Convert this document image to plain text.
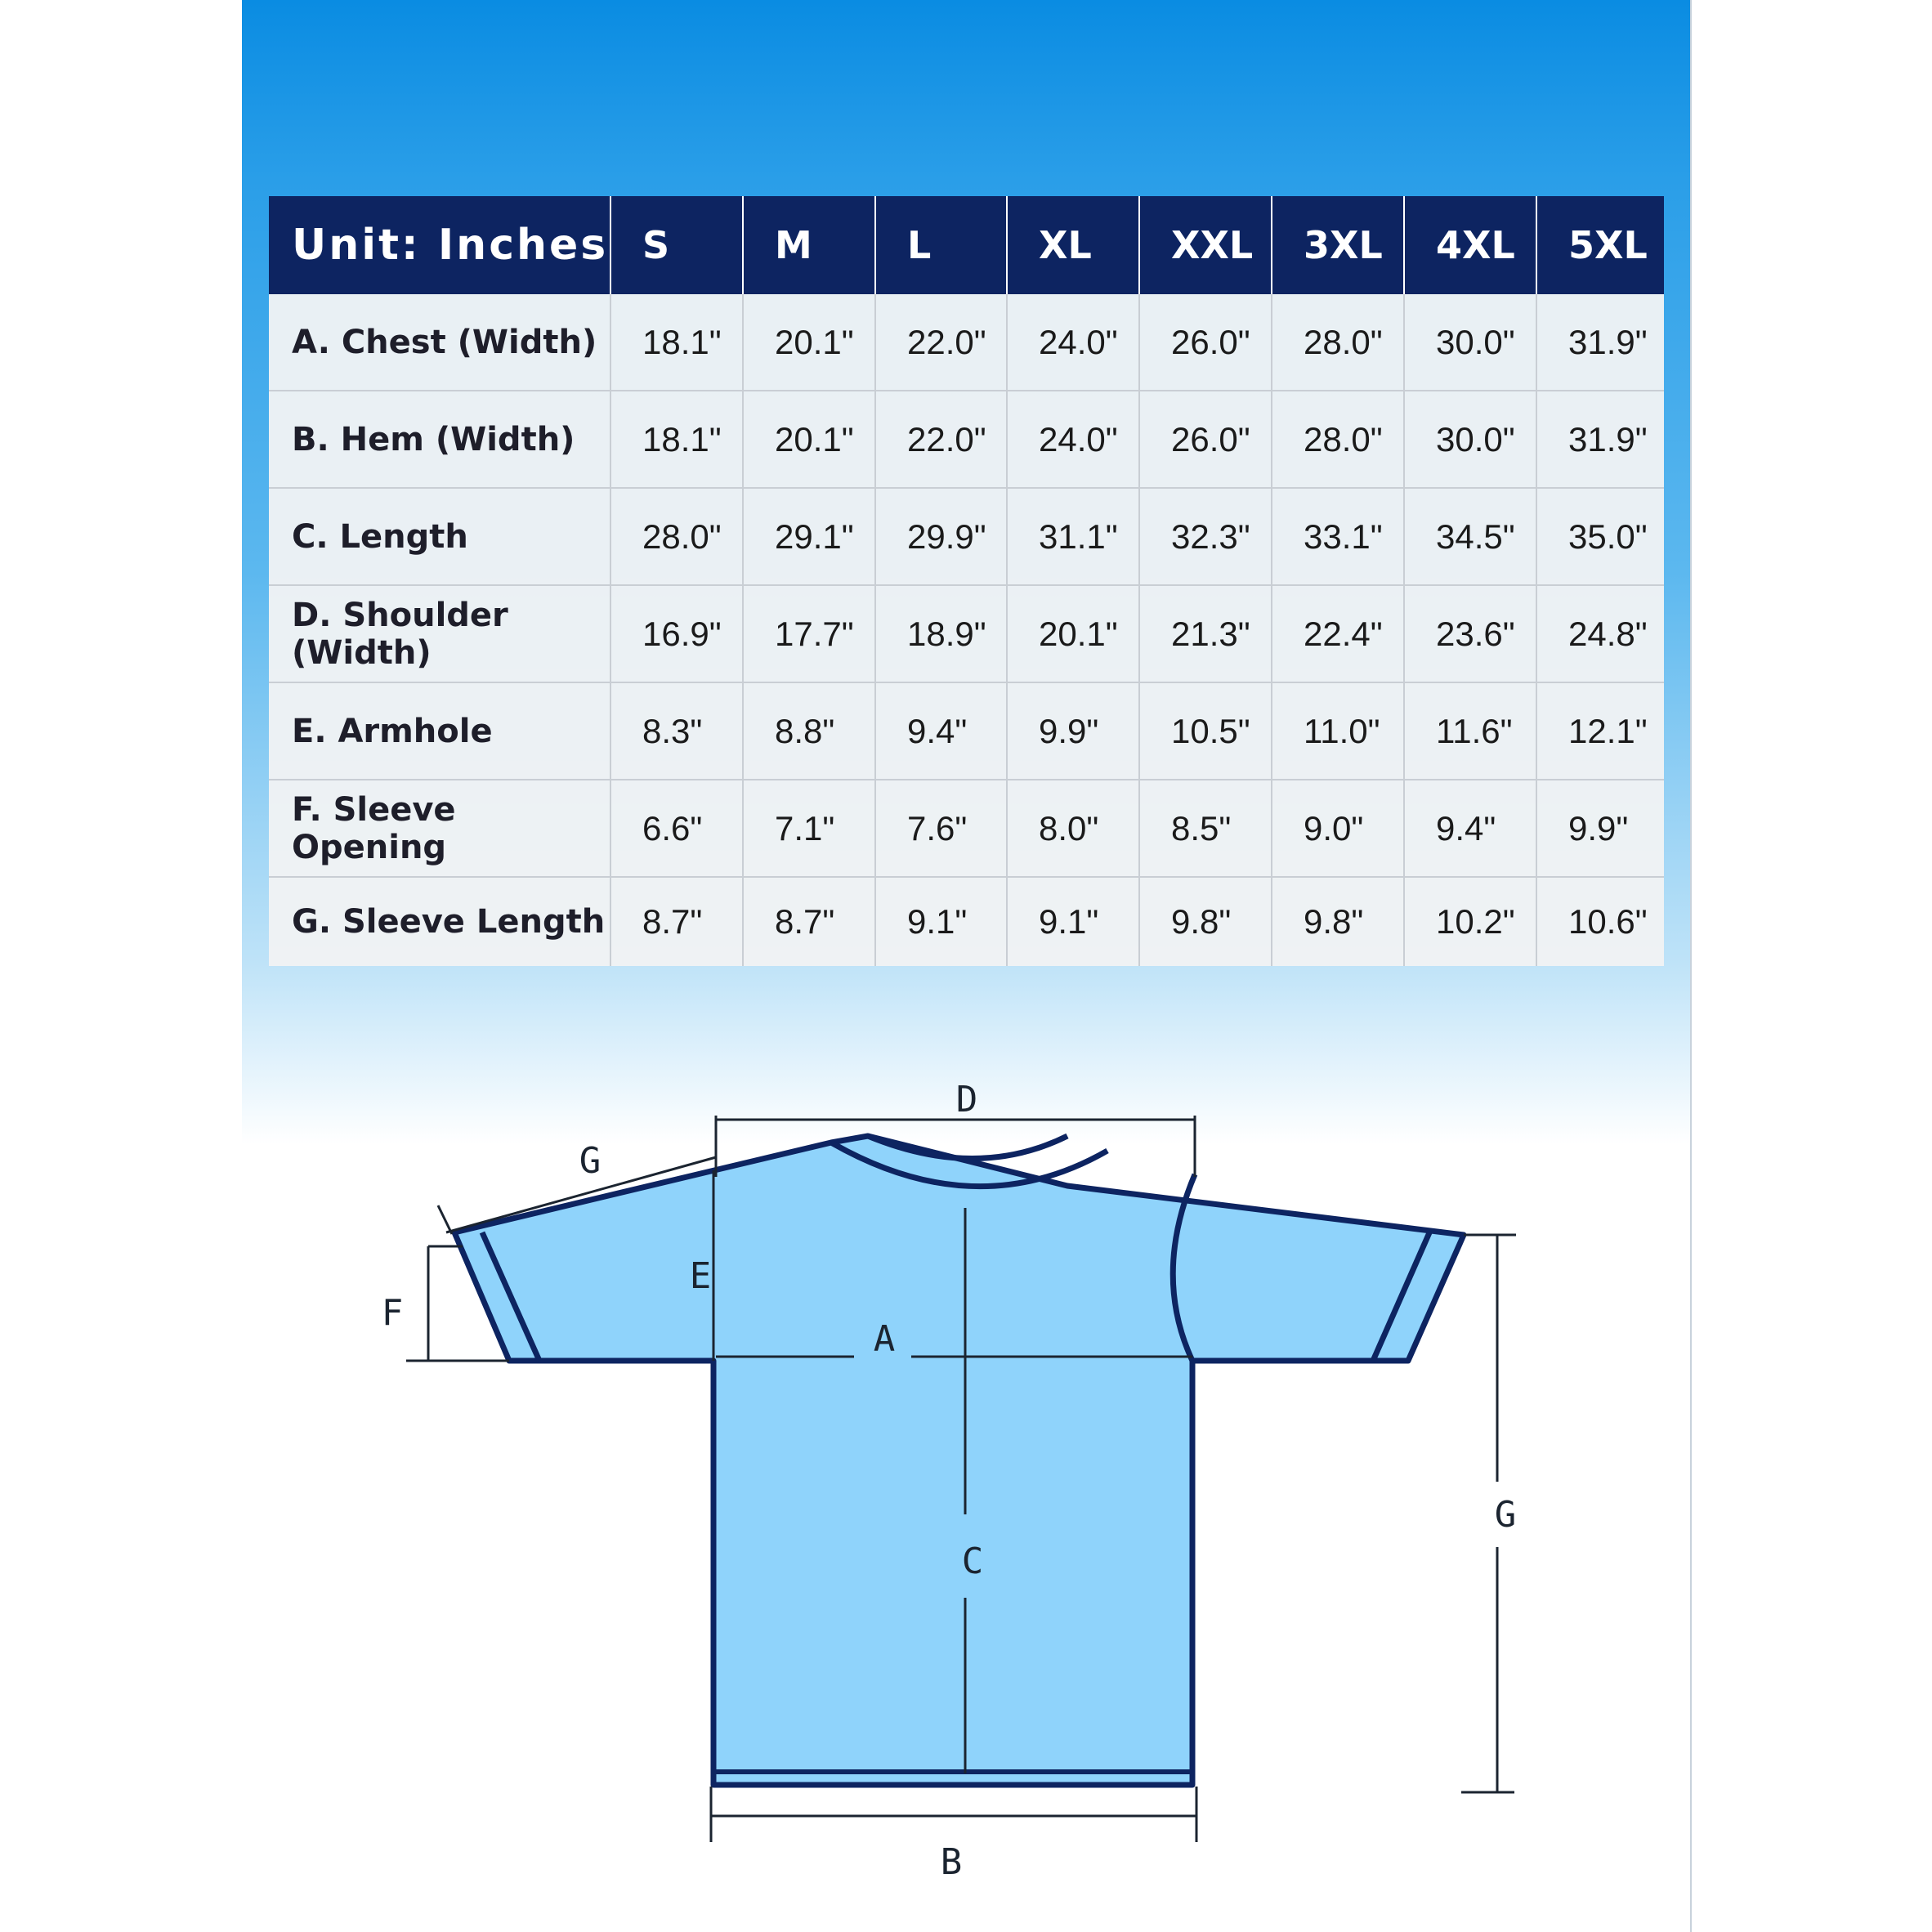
Unit: Inches	S	M	L	XL	XXL	3XL	4XL	5XL
A. Chest (Width)	18.1"	20.1"	22.0"	24.0"	26.0"	28.0"	30.0"	31.9"
B. Hem (Width)	18.1"	20.1"	22.0"	24.0"	26.0"	28.0"	30.0"	31.9"
C. Length	28.0"	29.1"	29.9"	31.1"	32.3"	33.1"	34.5"	35.0"
D. Shoulder (Width)	16.9"	17.7"	18.9"	20.1"	21.3"	22.4"	23.6"	24.8"
E. Armhole	8.3"	8.8"	9.4"	9.9"	10.5"	11.0"	11.6"	12.1"
F. Sleeve Opening	6.6"	7.1"	7.6"	8.0"	8.5"	9.0"	9.4"	9.9"
G. Sleeve Length	8.7"	8.7"	9.1"	9.1"	9.8"	9.8"	10.2"	10.6"
D
G
E
F
A
C
G
B
